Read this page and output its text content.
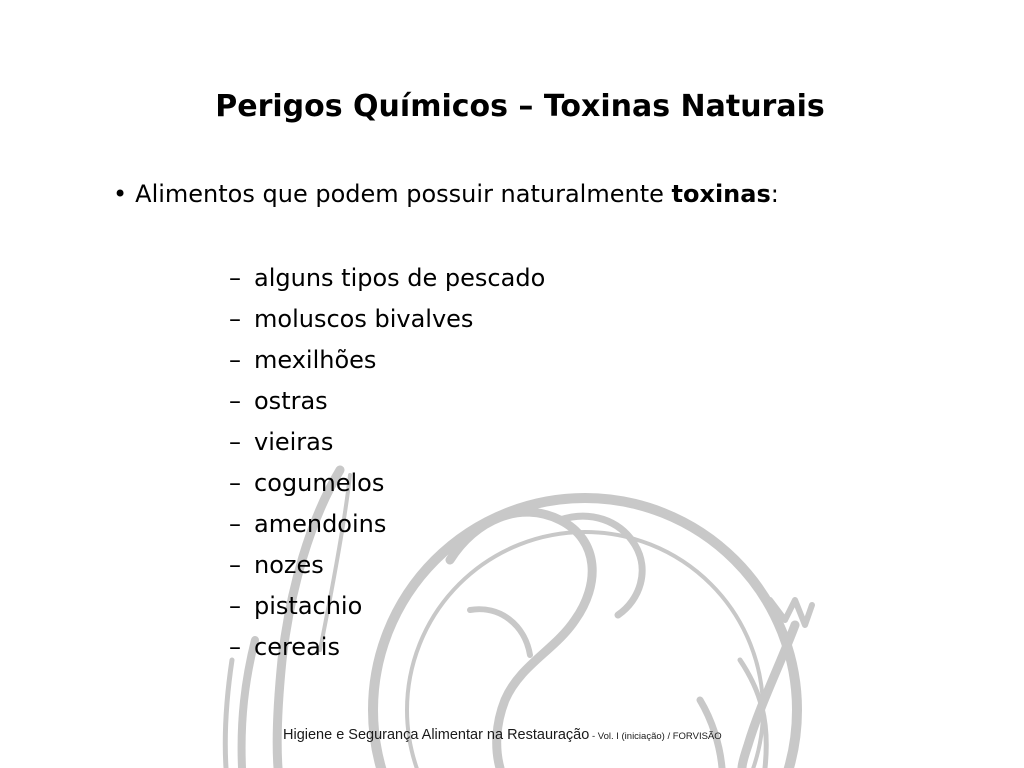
Perigos Químicos – Toxinas Naturais
• Alimentos que podem possuir naturalmente toxinas:
– alguns tipos de pescado
– moluscos bivalves
– mexilhões
– ostras
– vieiras
– cogumelos
– amendoins
– nozes
– pistachio
– cereais
Higiene e Segurança Alimentar na Restauração - Vol. I (iniciação) / FORVISÃO
